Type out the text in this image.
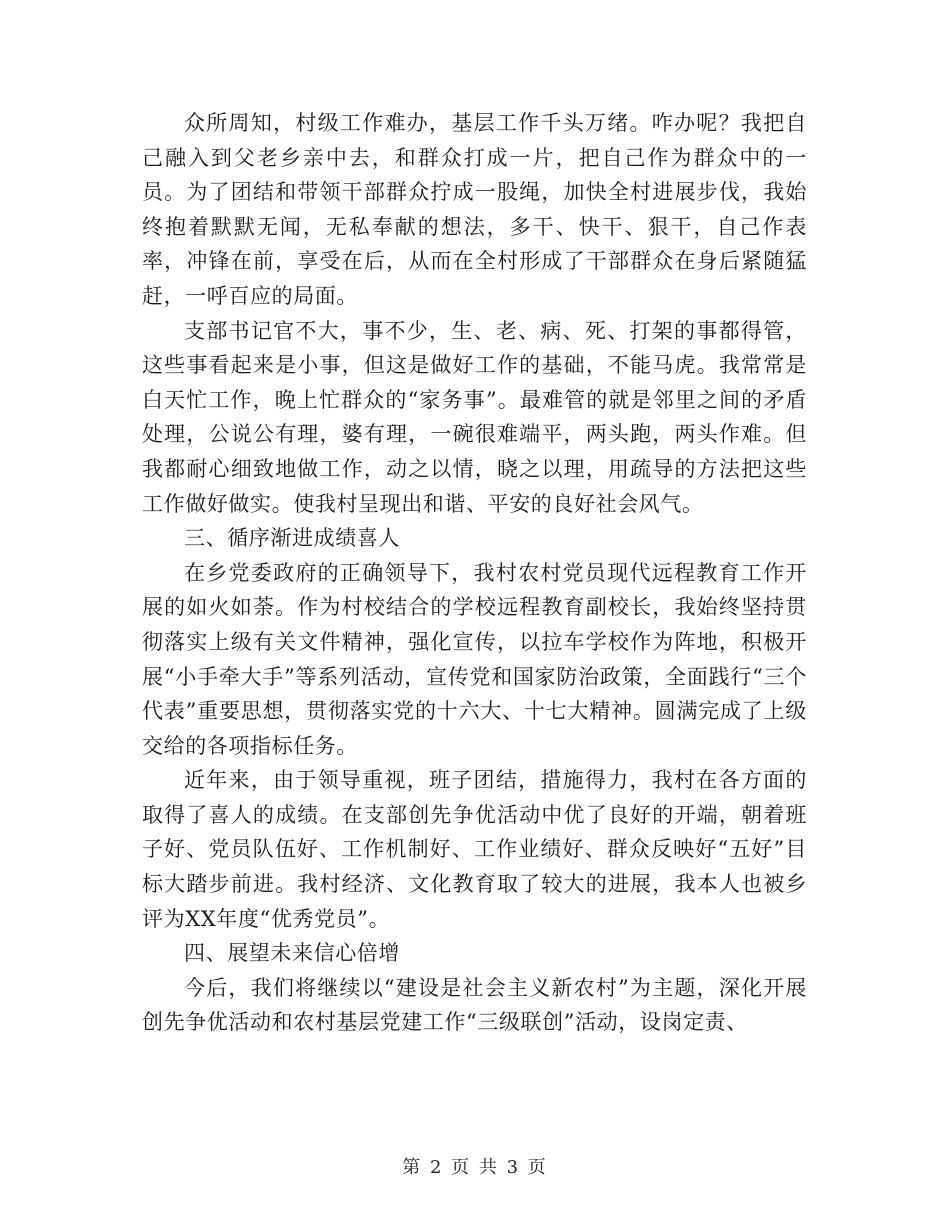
众所周知，村级工作难办，基层工作千头万绪。咋办呢？我把自己融入到父老乡亲中去，和群众打成一片，把自己作为群众中的一员。为了团结和带领干部群众拧成一股绳，加快全村进展步伐，我始终抱着默默无闻，无私奉献的想法，多干、快干、狠干，自己作表率，冲锋在前，享受在后，从而在全村形成了干部群众在身后紧随猛赶，一呼百应的局面。

支部书记官不大，事不少，生、老、病、死、打架的事都得管，这些事看起来是小事，但这是做好工作的基础，不能马虎。我常常是白天忙工作，晚上忙群众的“家务事”。最难管的就是邻里之间的矛盾处理，公说公有理，婆有理，一碗很难端平，两头跑，两头作难。但我都耐心细致地做工作，动之以情，晓之以理，用疏导的方法把这些工作做好做实。使我村呈现出和谐、平安的良好社会风气。

三、循序渐进成绩喜人

在乡党委政府的正确领导下，我村农村党员现代远程教育工作开展的如火如荼。作为村校结合的学校远程教育副校长，我始终坚持贯彻落实上级有关文件精神，强化宣传，以拉车学校作为阵地，积极开展“小手牵大手”等系列活动，宣传党和国家防治政策，全面践行“三个代表”重要思想，贯彻落实党的十六大、十七大精神。圆满完成了上级交给的各项指标任务。

近年来，由于领导重视，班子团结，措施得力，我村在各方面的取得了喜人的成绩。在支部创先争优活动中优了良好的开端，朝着班子好、党员队伍好、工作机制好、工作业绩好、群众反映好“五好”目标大踏步前进。我村经济、文化教育取了较大的进展，我本人也被乡评为XX年度“优秀党员”。

四、展望未来信心倍增

今后，我们将继续以“建设是社会主义新农村”为主题，深化开展创先争优活动和农村基层党建工作“三级联创”活动，设岗定责、

第 2 页 共 3 页
